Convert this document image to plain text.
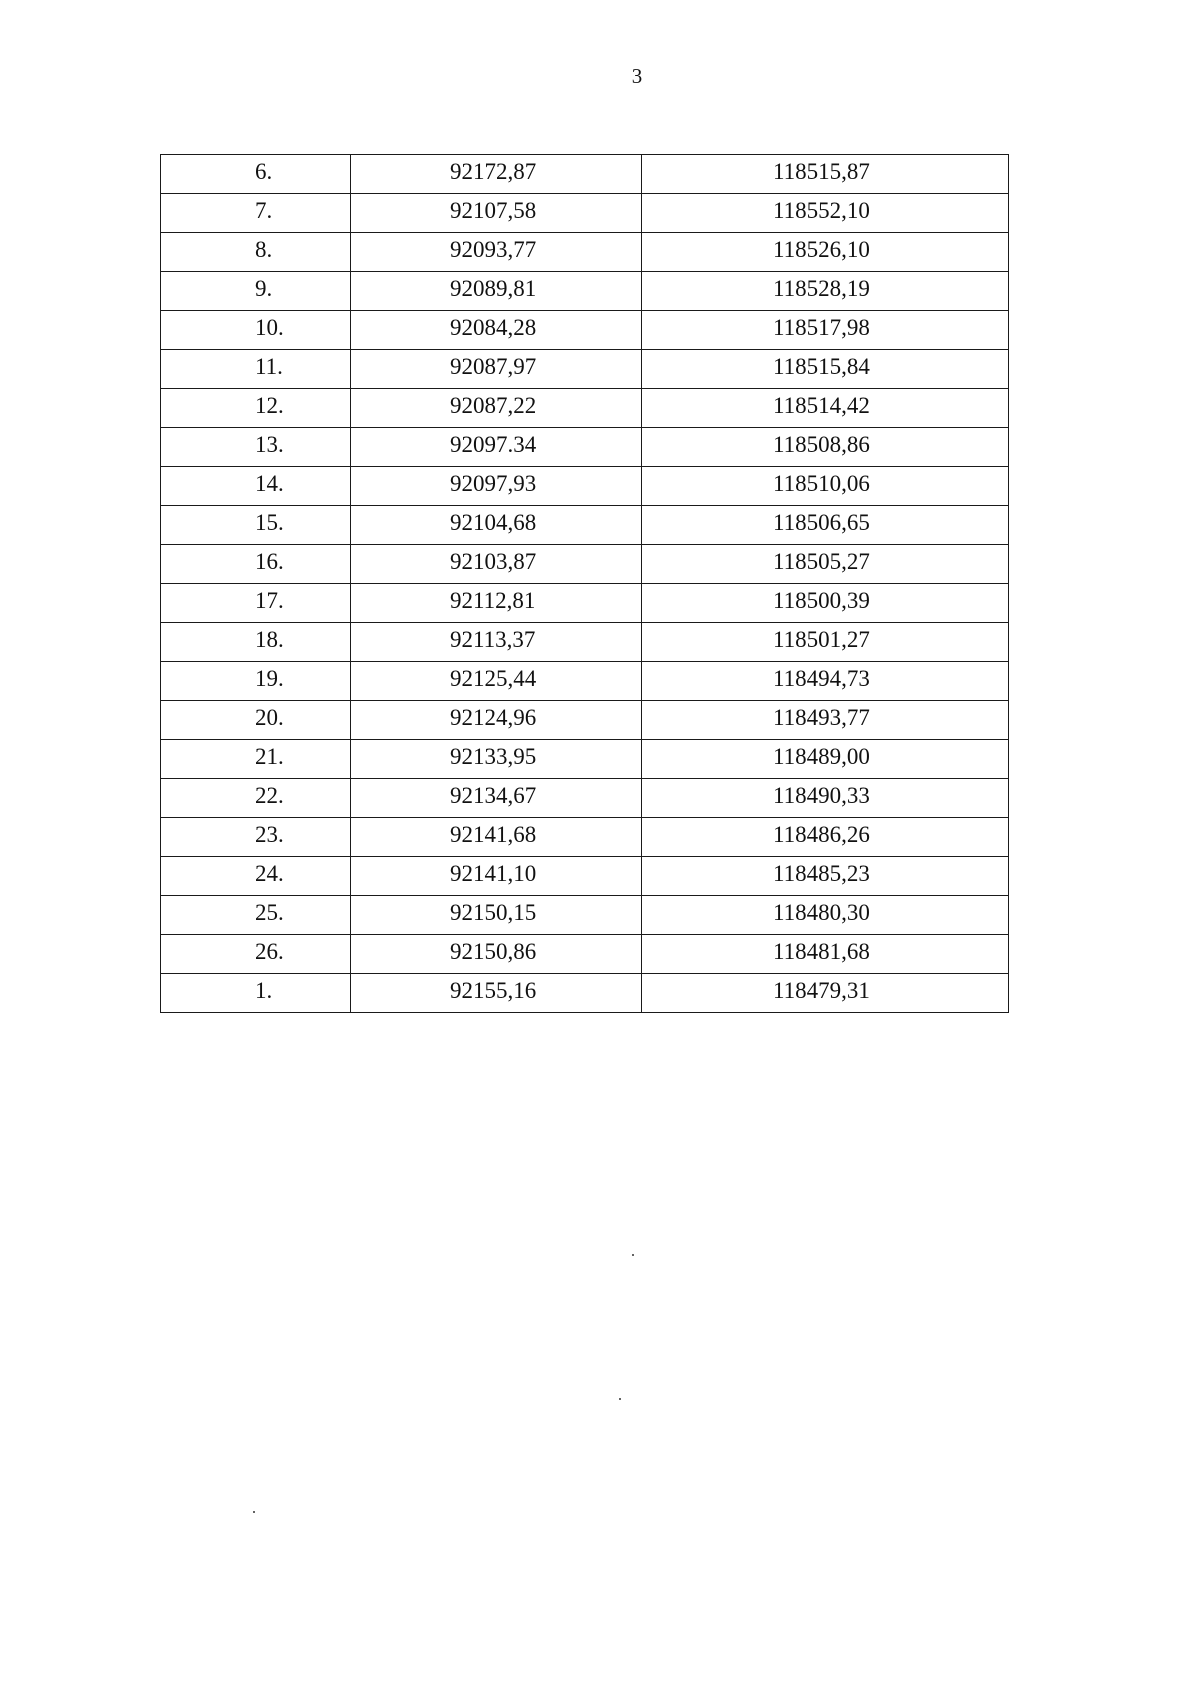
3
6.	92172,87	118515,87
7.	92107,58	118552,10
8.	92093,77	118526,10
9.	92089,81	118528,19
10.	92084,28	118517,98
11.	92087,97	118515,84
12.	92087,22	118514,42
13.	92097.34	118508,86
14.	92097,93	118510,06
15.	92104,68	118506,65
16.	92103,87	118505,27
17.	92112,81	118500,39
18.	92113,37	118501,27
19.	92125,44	118494,73
20.	92124,96	118493,77
21.	92133,95	118489,00
22.	92134,67	118490,33
23.	92141,68	118486,26
24.	92141,10	118485,23
25.	92150,15	118480,30
26.	92150,86	118481,68
1.	92155,16	118479,31
